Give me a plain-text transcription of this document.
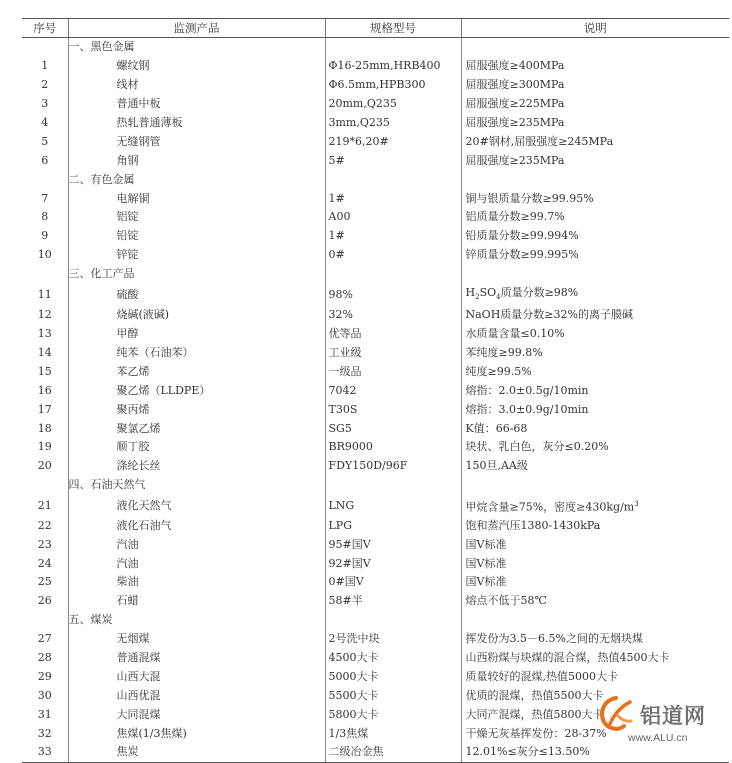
序号	监测产品	规格型号	说明
	一、黑色金属		
1	螺纹钢	Φ16-25mm,HRB400	屈服强度≥400MPa
2	线材	Φ6.5mm,HPB300	屈服强度≥300MPa
3	普通中板	20mm,Q235	屈服强度≥225MPa
4	热轧普通薄板	3mm,Q235	屈服强度≥235MPa
5	无缝钢管	219*6,20#	20#钢材,屈服强度≥245MPa
6	角钢	5#	屈服强度≥235MPa
	二、有色金属		
7	电解铜	1#	铜与银质量分数≥99.95%
8	铝锭	A00	铝质量分数≥99.7%
9	铅锭	1#	铅质量分数≥99.994%
10	锌锭	0#	锌质量分数≥99.995%
	三、化工产品		
11	硫酸	98%	$H_2SO_4$质量分数≥98%
12	烧碱(液碱)	32%	NaOH质量分数≥32%的离子膜碱
13	甲醇	优等品	水质量含量≤0.10%
14	纯苯（石油苯）	工业级	苯纯度≥99.8%
15	苯乙烯	一级品	纯度≥99.5%
16	聚乙烯（LLDPE）	7042	熔指：2.0±0.5g/10min
17	聚丙烯	T30S	熔指：3.0±0.9g/10min
18	聚氯乙烯	SG5	K值：66-68
19	顺丁胶	BR9000	块状、乳白色，灰分≤0.20%
20	涤纶长丝	FDY150D/96F	150旦,AA级
	四、石油天然气		
21	液化天然气	LNG	甲烷含量≥75%，密度$\ge 430kg/m^3$
22	液化石油气	LPG	饱和蒸汽压1380-1430kPa
23	汽油	95#国Ⅴ	国Ⅴ标准
24	汽油	92#国Ⅴ	国Ⅴ标准
25	柴油	0#国Ⅴ	国Ⅴ标准
26	石蜡	58#半	熔点不低于58℃
	五、煤炭		
27	无烟煤	2号洗中块	挥发份为3.5－6.5%之间的无烟块煤
28	普通混煤	4500大卡	山西粉煤与块煤的混合煤，热值4500大卡
29	山西大混	5000大卡	质量较好的混煤,热值5000大卡
30	山西优混	5500大卡	优质的混煤，热值5500大卡
31	大同混煤	5800大卡	大同产混煤，热值5800大卡
32	焦煤(1/3焦煤)	1/3焦煤	干燥无灰基挥发份：28-37%
33	焦炭	二级冶金焦	12.01%≤灰分≤13.50%
铝道网
www.ALU.cn
